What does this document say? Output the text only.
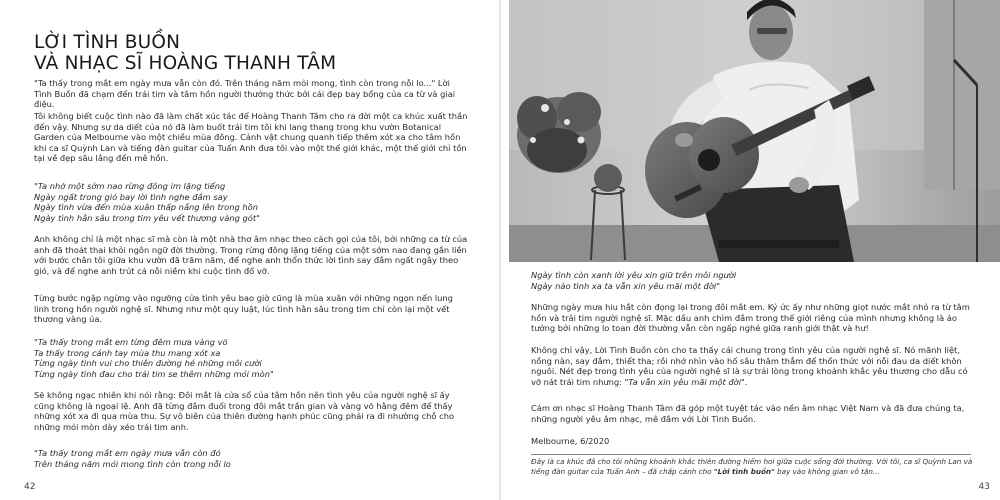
LỜI TÌNH BUỒN
VÀ NHẠC SĨ HOÀNG THANH TÂM

"Ta thấy trong mắt em ngày mưa vẫn còn đó. Trên tháng năm mỏi mong, tình còn trong nỗi lo..." Lời Tình Buồn đã chạm đến trái tim và tâm hồn người thưởng thức bởi cái đẹp bay bổng của ca từ và giai điệu.

Tôi không biết cuộc tình nào đã làm chất xúc tác để Hoàng Thanh Tâm cho ra đời một ca khúc xuất thần đến vậy. Nhưng sự da diết của nó đã làm buốt trái tim tôi khi lang thang trong khu vườn Botanical Garden của Melbourne vào một chiều mùa đông. Cảnh vật chung quanh tiếp thêm xót xa cho tâm hồn khi ca sĩ Quỳnh Lan và tiếng đàn guitar của Tuấn Anh đưa tôi vào một thế giới khác, một thế giới chỉ tồn tại về đẹp sâu lắng đến mê hồn.

"Ta nhớ một sớm nao rừng đông im lặng tiếng

Ngày ngất trong gió bay lời tình nghe đắm say

Ngày tình vừa đến mùa xuân thấp nắng lên trong hồn

Ngày tình hằn sâu trong tim yêu vết thương vàng gót"

Anh không chỉ là một nhạc sĩ mà còn là một nhà thơ âm nhạc theo cách gọi của tôi, bởi những ca từ của anh đã thoát thai khỏi ngôn ngữ đời thường. Trong rừng đông lặng tiếng của một sớm nao đang gắn liền với bước chân tôi giữa khu vườn đã trăm năm, để nghe anh thổn thức lời tình say đắm ngất ngây theo gió, và để nghe anh trút cả nỗi niềm khi cuộc tình đổ vỡ.

Từng bước ngập ngừng vào ngưỡng cửa tình yêu bao giờ cũng là mùa xuân với những ngọn nến lung linh trong hồn người nghệ sĩ. Nhưng như một quy luật, lúc tình hằn sâu trong tim chỉ còn lại một vết thương vàng úa.

"Ta thấy trong mắt em từng đêm mưa vàng võ

Ta thấy trong cánh tay mùa thu mang xót xa

Từng ngày tình vui cho thiên đường hé những môi cười

Từng ngày tình đau cho trái tim se thêm những mỏi mòn"

Sẽ không ngạc nhiên khi nói rằng: Đôi mắt là cửa sổ của tâm hồn nên tình yêu của người nghệ sĩ ấy cũng không là ngoại lệ. Anh đã từng đắm đuối trong đôi mắt trần gian và vàng võ hằng đêm để thấy những xót xa đi qua mùa thu. Sự vô biên của thiên đường hạnh phúc cũng phải ra đi nhường chỗ cho những mỏi mòn dày xéo trái tim anh.

"Ta thấy trong mắt em ngày mưa vẫn còn đó

Trên tháng năm mỏi mong tình còn trong nỗi lo

42

Ngày tình còn xanh lời yêu xin giữ trên môi người

Ngày nào tình xa ta vẫn xin yêu mãi một đời"

Những ngày mưa hiu hắt còn đọng lại trong đôi mắt em. Ký ức ấy như những giọt nước mắt nhỏ ra từ tâm hồn và trái tim người nghệ sĩ. Mặc dầu anh chìm đắm trong thế giới riêng của mình nhưng không là ảo tưởng bởi những lo toan đời thường vẫn còn ngấp nghé giữa ranh giới thật và hư!

Không chỉ vậy, Lời Tình Buồn còn cho ta thấy cái chung trong tình yêu của người nghệ sĩ. Nó mãnh liệt, nồng nàn, say đắm, thiết tha; rồi nhớ nhìn vào hố sâu thăm thẳm để thổn thức với nỗi đau da diết khôn nguôi. Nét đẹp trong tình yêu của người nghệ sĩ là sự trải lòng trong khoảnh khắc yêu thương cho dẫu có vỡ nát trái tim nhưng: "Ta vẫn xin yêu mãi một đời".

Cám ơn nhạc sĩ Hoàng Thanh Tâm đã góp một tuyệt tác vào nền âm nhạc Việt Nam và đã đưa chúng ta, những người yêu âm nhạc, mê đắm với Lời Tình Buồn.

Melbourne, 6/2020

Đây là ca khúc đã cho tôi những khoảnh khắc thiên đường hiếm hoi giữa cuộc sống đời thường. Với tôi, ca sĩ Quỳnh Lan và tiếng đàn guitar của Tuấn Anh – đã chắp cánh cho "Lời tình buồn" bay vào không gian vô tận...
43
